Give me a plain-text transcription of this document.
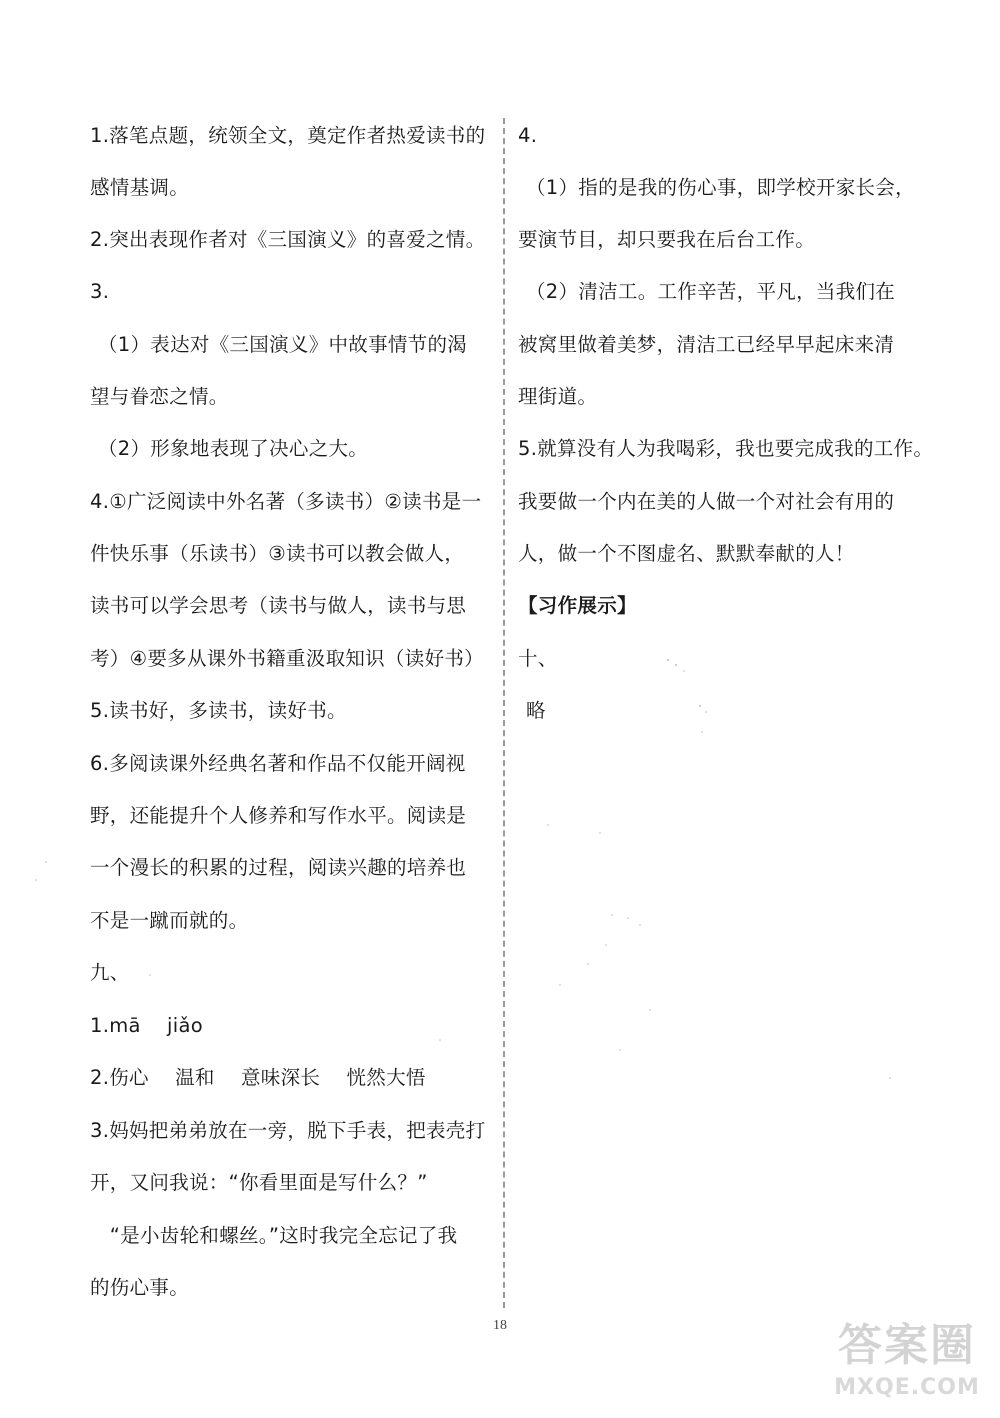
1.落笔点题，统领全文，奠定作者热爱读书的
感情基调。
2.突出表现作者对《三国演义》的喜爱之情。
3.
（1）表达对《三国演义》中故事情节的渴
望与眷恋之情。
（2）形象地表现了决心之大。
4.①广泛阅读中外名著（多读书）②读书是一
件快乐事（乐读书）③读书可以教会做人，
读书可以学会思考（读书与做人，读书与思
考）④要多从课外书籍重汲取知识（读好书）
5.读书好，多读书，读好书。
6.多阅读课外经典名著和作品不仅能开阔视
野，还能提升个人修养和写作水平。阅读是
一个漫长的积累的过程，阅读兴趣的培养也
不是一蹴而就的。
九、
1.mā　 jiǎo
2.伤心　 温和　 意味深长　 恍然大悟
3.妈妈把弟弟放在一旁，脱下手表，把表壳打
开，又问我说：“你看里面是写什么？”
　“是小齿轮和螺丝。”这时我完全忘记了我
的伤心事。
4.
（1）指的是我的伤心事，即学校开家长会，
要演节目，却只要我在后台工作。
（2）清洁工。工作辛苦，平凡，当我们在
被窝里做着美梦，清洁工已经早早起床来清
理街道。
5.就算没有人为我喝彩，我也要完成我的工作。
我要做一个内在美的人做一个对社会有用的
人，做一个不图虚名、默默奉献的人！
【习作展示】
十、
略
18	答案圈
MXQE.COM
